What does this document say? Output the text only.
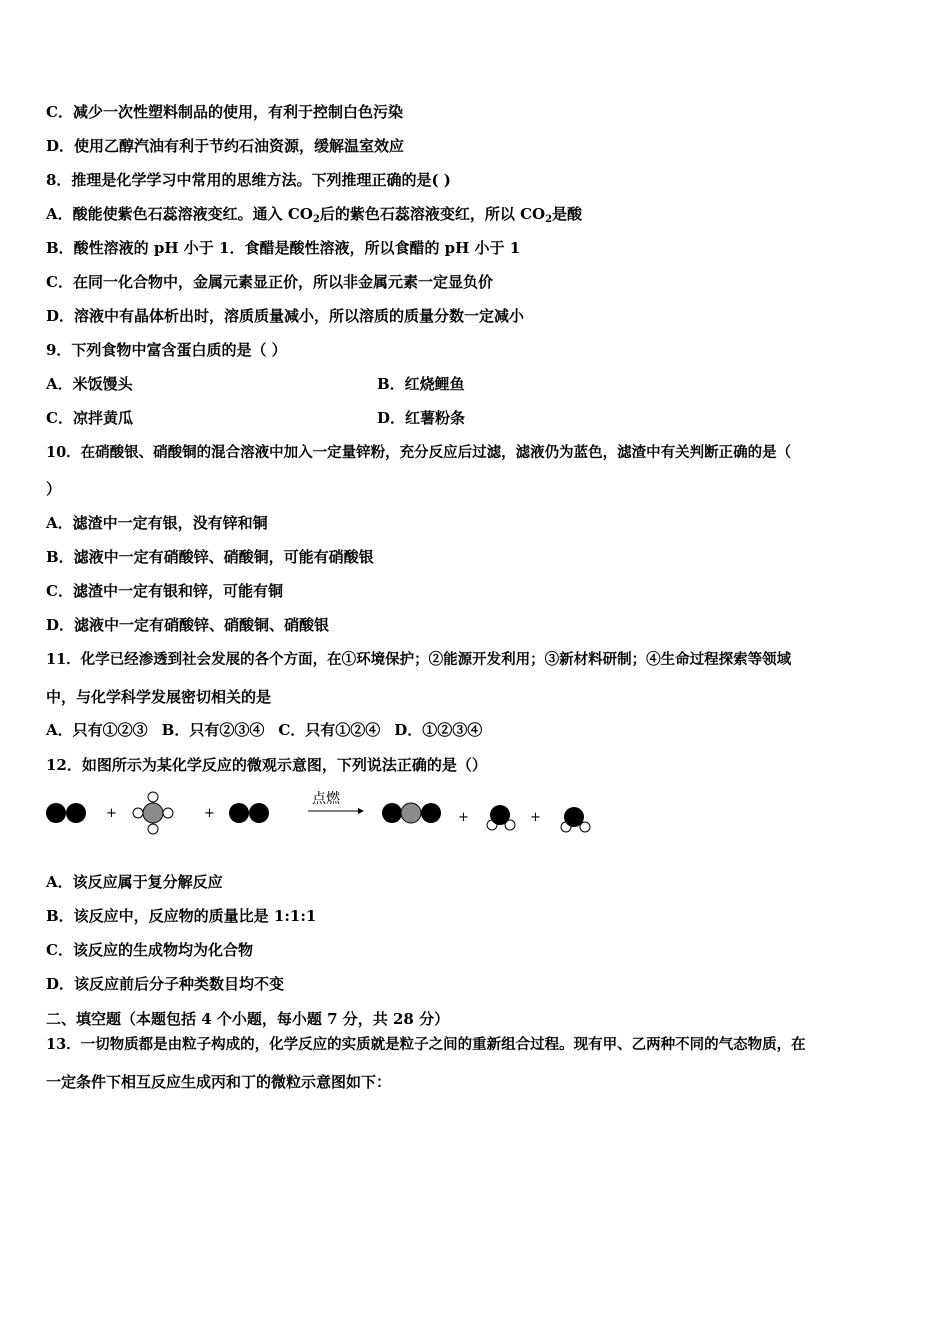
C．减少一次性塑料制品的使用，有利于控制白色污染
D．使用乙醇汽油有利于节约石油资源，缓解温室效应
8．推理是化学学习中常用的思维方法。下列推理正确的是( )
A．酸能使紫色石蕊溶液变红。通入 $CO_2$后的紫色石蕊溶液变红，所以 $CO_2$是酸
B．酸性溶液的 pH 小于 1．食醋是酸性溶液，所以食醋的 pH 小于 1
C．在同一化合物中，金属元素显正价，所以非金属元素一定显负价
D．溶液中有晶体析出时，溶质质量减小，所以溶质的质量分数一定减小
9．下列食物中富含蛋白质的是（ ）
A．米饭馒头	B．红烧鲤鱼
C．凉拌黄瓜	D．红薯粉条
10．在硝酸银、硝酸铜的混合溶液中加入一定量锌粉，充分反应后过滤，滤液仍为蓝色，滤渣中有关判断正确的是（
）
A．滤渣中一定有银，没有锌和铜
B．滤液中一定有硝酸锌、硝酸铜，可能有硝酸银
C．滤渣中一定有银和锌，可能有铜
D．滤液中一定有硝酸锌、硝酸铜、硝酸银
11．化学已经渗透到社会发展的各个方面，在①环境保护；②能源开发利用；③新材料研制；④生命过程探索等领域
中，与化学科学发展密切相关的是
A．只有①②③ B．只有②③④ C．只有①②④ D．①②③④
12．如图所示为某化学反应的微观示意图，下列说法正确的是（）
+	+
点燃
+	+
A．该反应属于复分解反应
B．该反应中，反应物的质量比是 1:1:1
C．该反应的生成物均为化合物
D．该反应前后分子种类数目均不变
二、填空题（本题包括 4 个小题，每小题 7 分，共 28 分）
13．一切物质都是由粒子构成的，化学反应的实质就是粒子之间的重新组合过程。现有甲、乙两种不同的气态物质，在
一定条件下相互反应生成丙和丁的微粒示意图如下：
